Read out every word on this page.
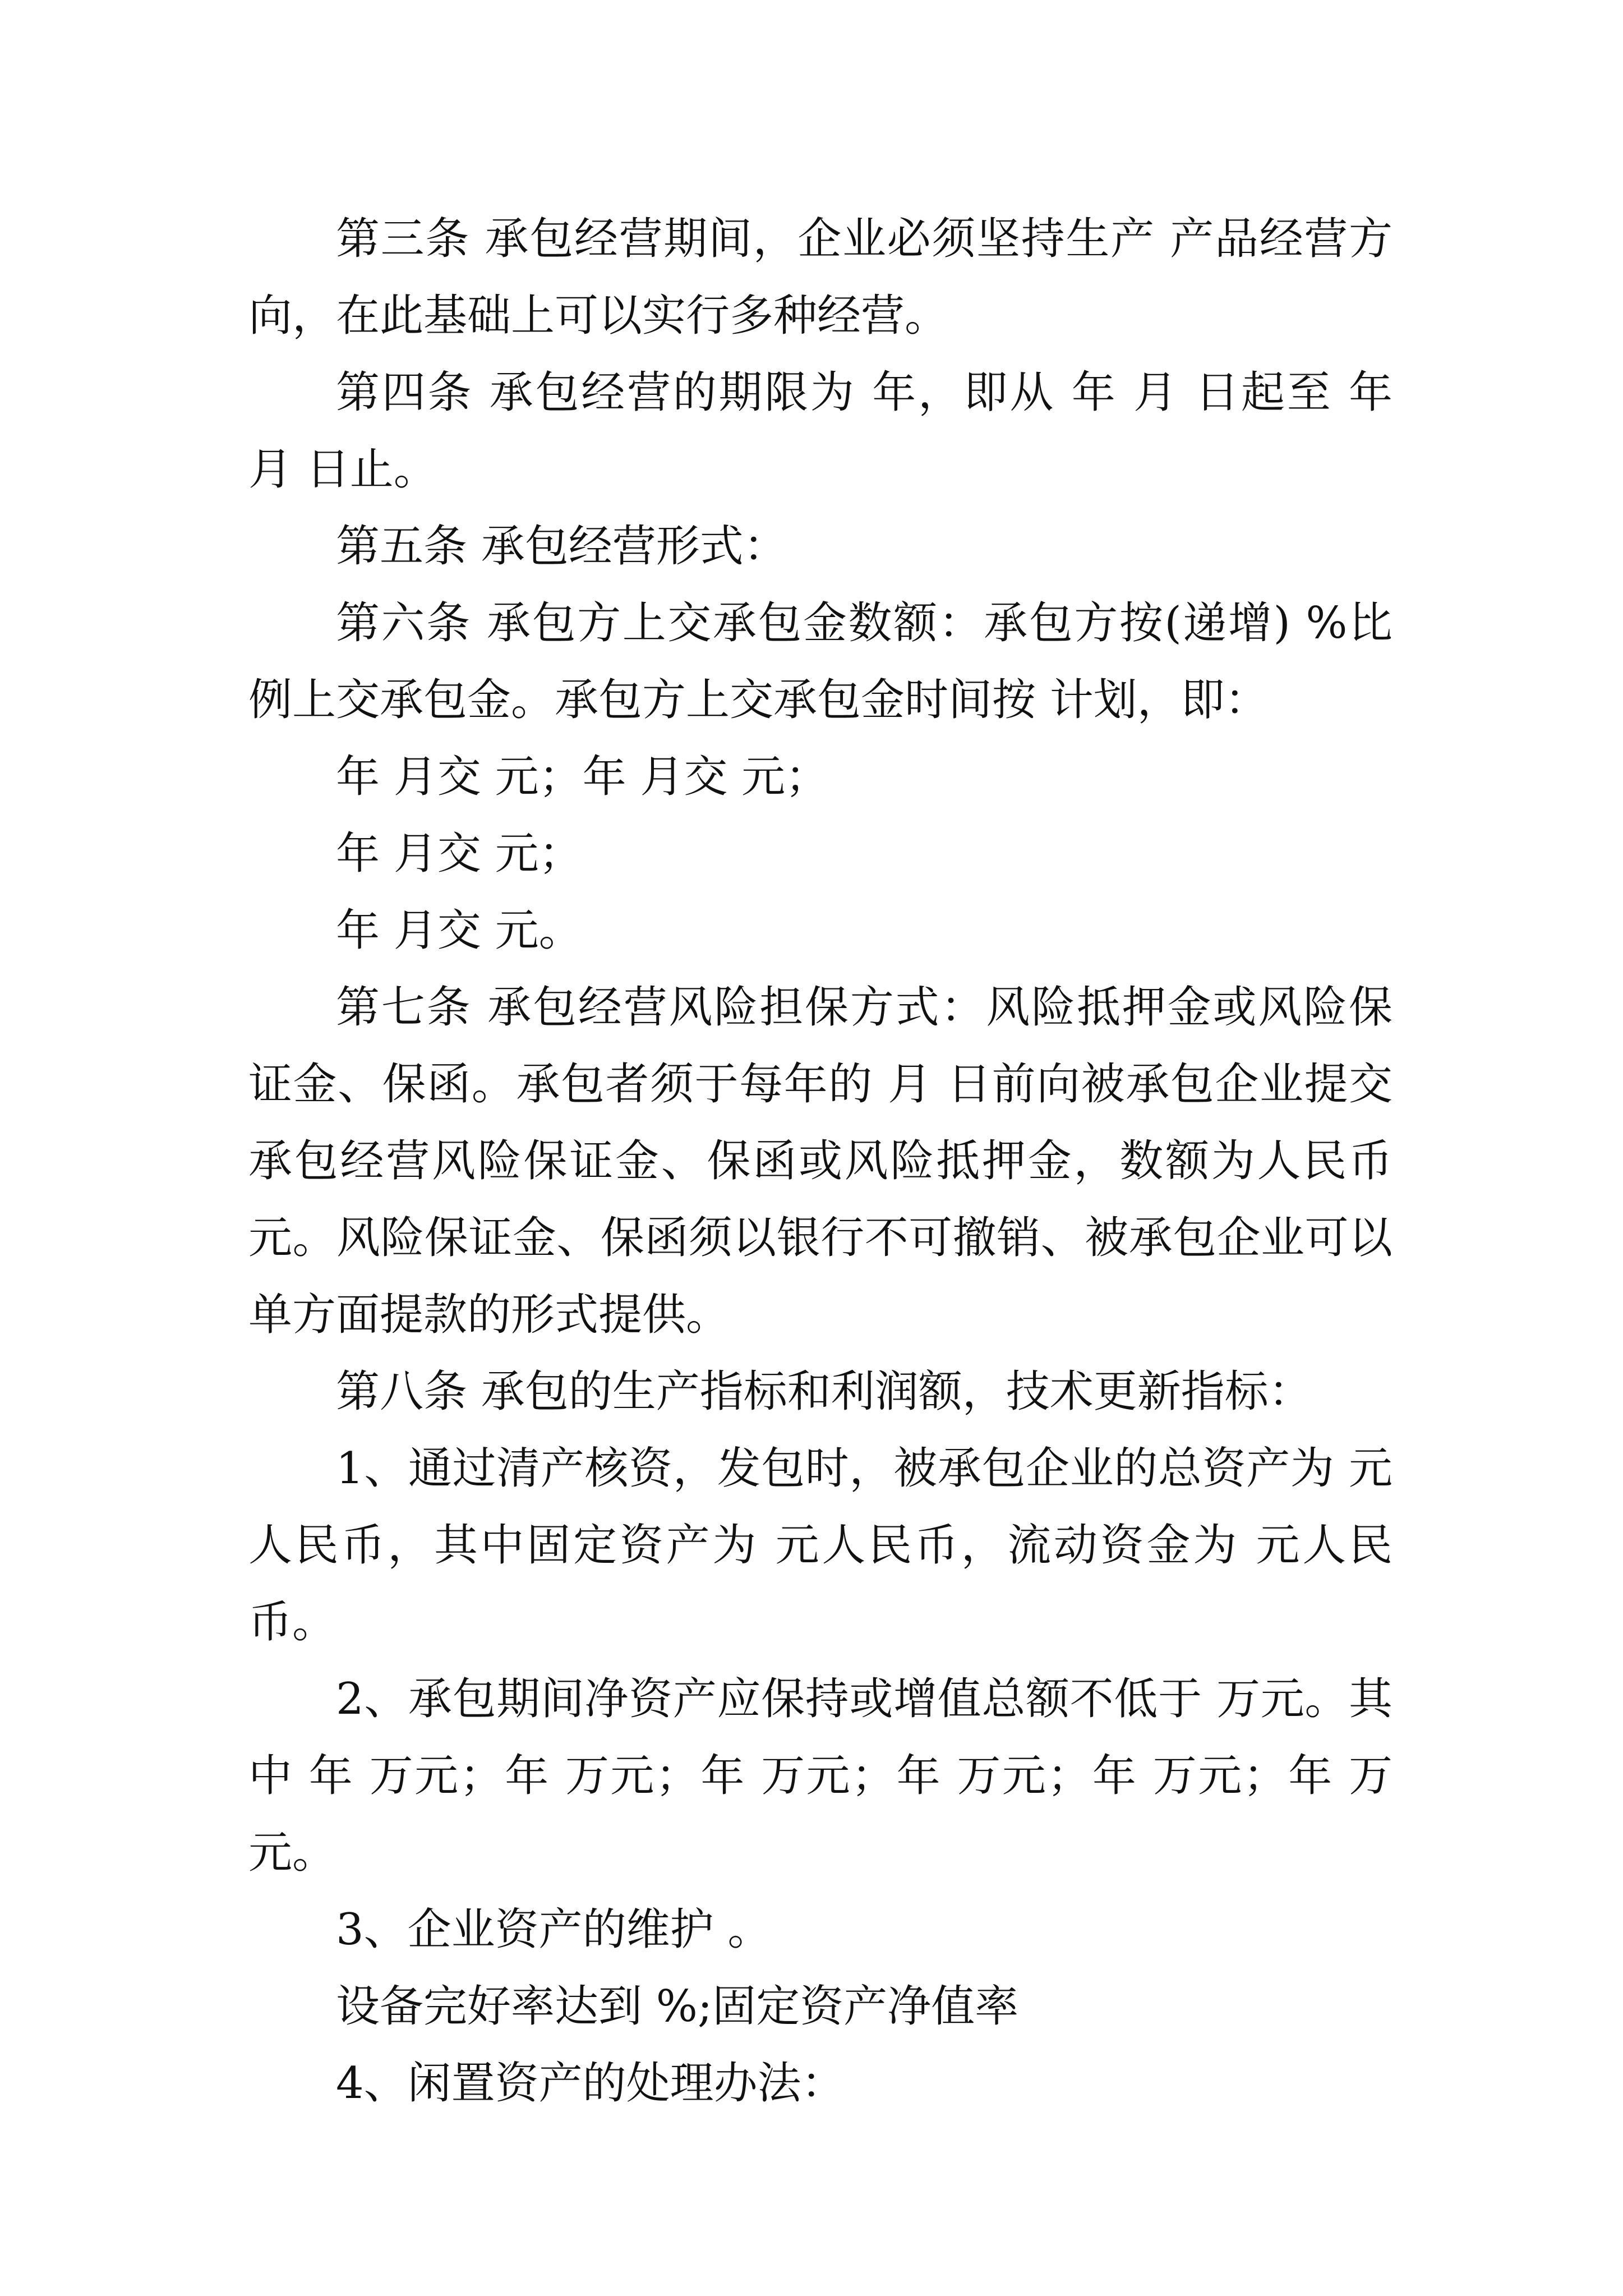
第三条 承包经营期间，企业必须坚持生产 产品经营方向，在此基础上可以实行多种经营。

第四条 承包经营的期限为 年，即从 年 月 日起至 年 月 日止。

第五条 承包经营形式：

第六条 承包方上交承包金数额：承包方按(递增) %比例上交承包金。承包方上交承包金时间按 计划，即：

年 月交 元；年 月交 元；

年 月交 元；

年 月交 元。

第七条 承包经营风险担保方式：风险抵押金或风险保证金、保函。承包者须于每年的 月 日前向被承包企业提交承包经营风险保证金、保函或风险抵押金，数额为人民币 元。风险保证金、保函须以银行不可撤销、被承包企业可以单方面提款的形式提供。

第八条 承包的生产指标和利润额，技术更新指标：

1、通过清产核资，发包时，被承包企业的总资产为 元人民币，其中固定资产为 元人民币，流动资金为 元人民币。

2、承包期间净资产应保持或增值总额不低于 万元。其中 年 万元；年 万元；年 万元；年 万元；年 万元；年 万元。

3、企业资产的维护 。

设备完好率达到 %;固定资产净值率

4、闲置资产的处理办法：
